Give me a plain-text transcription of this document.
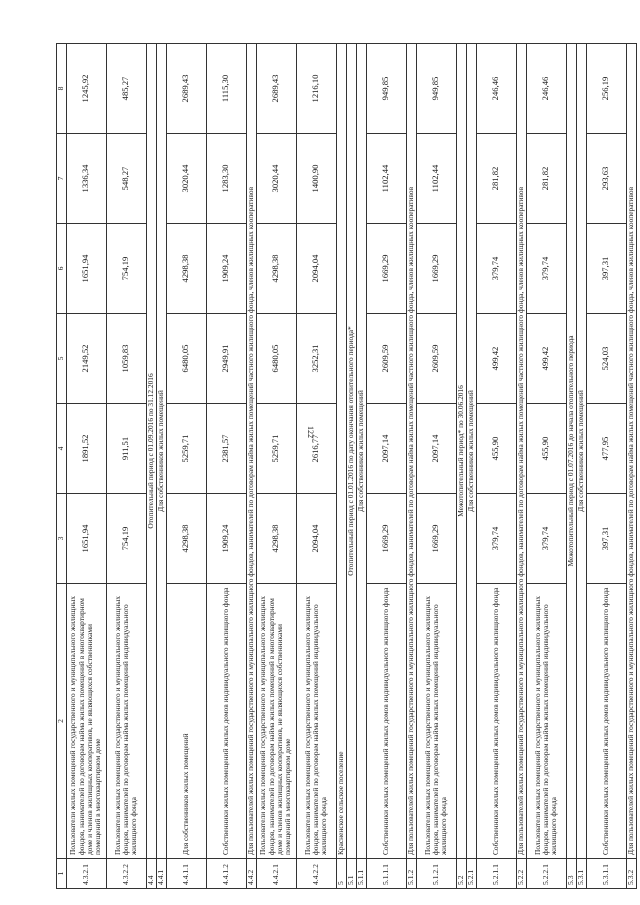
122
1	2	3	4	5	6	7	8
4.3.2.1	Пользователи жилых помещений государственного и муниципального жилищных фондов, нанимателей по договорам найма жилых помещений в многоквартирном доме и членов жилищных кооперативов, не являющихся собственниками помещений в многоквартирном доме	1651,94	1891,52	2149,52	1651,94	1336,34	1245,92
4.3.2.2	Пользователи жилых помещений государственного и муниципального жилищных фондов, нанимателей по договорам найма жилых помещений индивидуального жилищного фонда	754,19	911,51	1059,83	754,19	548,27	485,27
4.4	Отопительный период с 01.09.2016 по 31.12.2016						
4.4.1	Для собственников жилых помещений						
4.4.1.1	Для собственников жилых помещений	4298,38	5259,71	6480,05	4298,38	3020,44	2689,43
4.4.1.2	Собственники жилых помещений жилых домов индивидуального жилищного фонда	1909,24	2381,57	2949,91	1909,24	1283,30	1115,30
4.4.2	Для пользователей жилых помещений государственного и муниципального жилищного фондов, нанимателей по договорам найма жилых помещений частного жилищного фонда, членов жилищных кооперативов						
4.4.2.1	Пользователи жилых помещений государственного и муниципального жилищных фондов, нанимателей по договорам найма жилых помещений в многоквартирном доме и членов жилищных кооперативов, не являющихся собственниками помещений в многоквартирном доме	4298,38	5259,71	6480,05	4298,38	3020,44	2689,43
4.4.2.2	Пользователи жилых помещений государственного и муниципального жилищных фондов, нанимателей по договорам найма жилых помещений индивидуального жилищного фонда	2094,04	2616,77	3252,31	2094,04	1400,90	1216,10
5	Красненское сельское поселение						
5.1	Отопительный период с 01.01.2016 по дату окончания отопительного периода*						
5.1.1	Для собственников жилых помещений						
5.1.1.1	Собственники жилых помещений жилых домов индивидуального жилищного фонда	1669,29	2097,14	2609,59	1669,29	1102,44	949,85
5.1.2	Для пользователей жилых помещений государственного и муниципального жилищного фондов, нанимателей по договорам найма жилых помещений частного жилищного фонда, членов жилищных кооперативов						
5.1.2.1	Пользователи жилых помещений государственного и муниципального жилищных фондов, нанимателей по договорам найма жилых помещений индивидуального жилищного фонда	1669,29	2097,14	2609,59	1669,29	1102,44	949,85
5.2	Межотопительный период* по 30.06.2016						
5.2.1	Для собственников жилых помещений						
5.2.1.1	Собственники жилых помещений жилых домов индивидуального жилищного фонда	379,74	455,90	499,42	379,74	281,82	246,46
5.2.2	Для пользователей жилых помещений государственного и муниципального жилищного фондов, нанимателей по договорам найма жилых помещений частного жилищного фонда, членов жилищных кооперативов						
5.2.2.1	Пользователи жилых помещений государственного и муниципального жилищных фондов, нанимателей по договорам найма жилых помещений индивидуального жилищного фонда	379,74	455,90	499,42	379,74	281,82	246,46
5.3	Межотопительный период с 01.07.2016 до начала отопительного периода						
5.3.1	Для собственников жилых помещений						
5.3.1.1	Собственники жилых помещений жилых домов индивидуального жилищного фонда	397,31	477,95	524,03	397,31	293,63	256,19
5.3.2	Для пользователей жилых помещений государственного и муниципального жилищного фондов, нанимателей по договорам найма жилых помещений частного жилищного фонда, членов жилищных кооперативов						
